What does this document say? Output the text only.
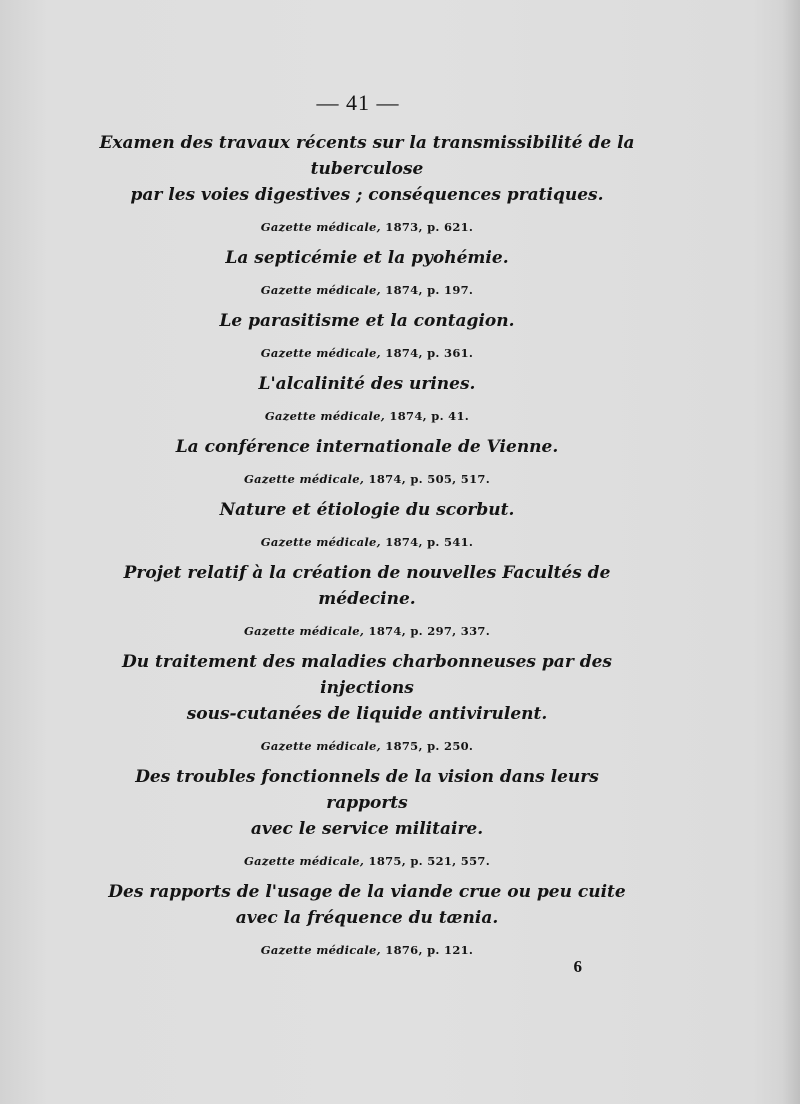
— 41 —

Examen des travaux récents sur la transmissibilité de la tuberculose
par les voies digestives ; conséquences pratiques.

Gazette médicale, 1873, p. 621.

La septicémie et la pyohémie.

Gazette médicale, 1874, p. 197.

Le parasitisme et la contagion.

Gazette médicale, 1874, p. 361.

L'alcalinité des urines.

Gazette médicale, 1874, p. 41.

La conférence internationale de Vienne.

Gazette médicale, 1874, p. 505, 517.

Nature et étiologie du scorbut.

Gazette médicale, 1874, p. 541.

Projet relatif à la création de nouvelles Facultés de médecine.

Gazette médicale, 1874, p. 297, 337.

Du traitement des maladies charbonneuses par des injections
sous-cutanées de liquide antivirulent.

Gazette médicale, 1875, p. 250.

Des troubles fonctionnels de la vision dans leurs rapports
avec le service militaire.

Gazette médicale, 1875, p. 521, 557.

Des rapports de l'usage de la viande crue ou peu cuite
avec la fréquence du tænia.

Gazette médicale, 1876, p. 121.

6
